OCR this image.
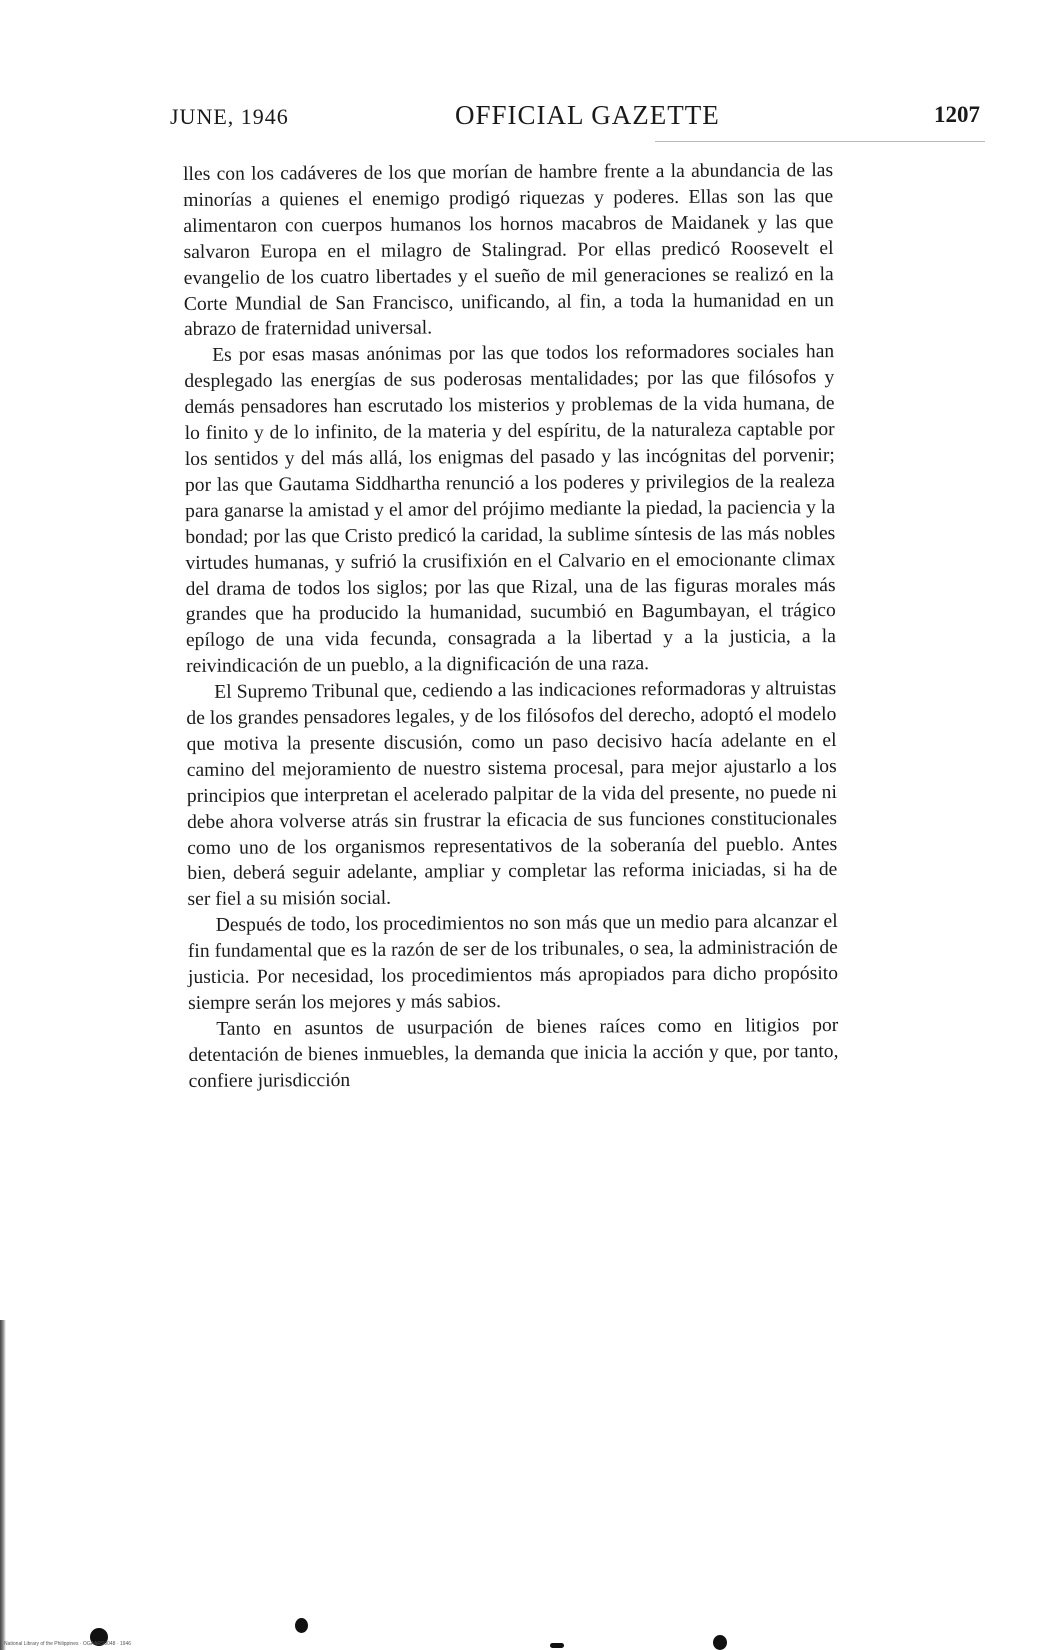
JUNE, 1946	OFFICIAL GAZETTE	1207

lles con los cadáveres de los que morían de hambre frente a la abundancia de las minorías a quienes el enemigo prodigó riquezas y poderes. Ellas son las que alimentaron con cuerpos humanos los hornos macabros de Maidanek y las que salvaron Europa en el milagro de Stalingrad. Por ellas predicó Roosevelt el evangelio de los cuatro libertades y el sueño de mil generaciones se realizó en la Corte Mundial de San Francisco, unificando, al fin, a toda la humanidad en un abrazo de fraternidad universal.

Es por esas masas anónimas por las que todos los reformadores sociales han desplegado las energías de sus poderosas mentalidades; por las que filósofos y demás pensadores han escrutado los misterios y problemas de la vida humana, de lo finito y de lo infinito, de la materia y del espíritu, de la naturaleza captable por los sentidos y del más allá, los enigmas del pasado y las incógnitas del porvenir; por las que Gautama Siddhartha renunció a los poderes y privilegios de la realeza para ganarse la amistad y el amor del prójimo mediante la piedad, la paciencia y la bondad; por las que Cristo predicó la caridad, la sublime síntesis de las más nobles virtudes humanas, y sufrió la crusifixión en el Calvario en el emocionante climax del drama de todos los siglos; por las que Rizal, una de las figuras morales más grandes que ha producido la humanidad, sucumbió en Bagumbayan, el trágico epílogo de una vida fecunda, consagrada a la libertad y a la justicia, a la reivindicación de un pueblo, a la dignificación de una raza.

El Supremo Tribunal que, cediendo a las indicaciones reformadoras y altruistas de los grandes pensadores legales, y de los filósofos del derecho, adoptó el modelo que motiva la presente discusión, como un paso decisivo hacía adelante en el camino del mejoramiento de nuestro sistema procesal, para mejor ajustarlo a los principios que interpretan el acelerado palpitar de la vida del presente, no puede ni debe ahora volverse atrás sin frustrar la eficacia de sus funciones constitucionales como uno de los organismos representativos de la soberanía del pueblo. Antes bien, deberá seguir adelante, ampliar y completar las reforma iniciadas, si ha de ser fiel a su misión social.

Después de todo, los procedimientos no son más que un medio para alcanzar el fin fundamental que es la razón de ser de los tribunales, o sea, la administración de justicia. Por necesidad, los procedimientos más apropiados para dicho propósito siempre serán los mejores y más sabios.

Tanto en asuntos de usurpación de bienes raíces como en litigios por detentación de bienes inmuebles, la demanda que inicia la acción y que, por tanto, confiere jurisdicción

National Library of the Philippines · OGAARS0048 · 1946
